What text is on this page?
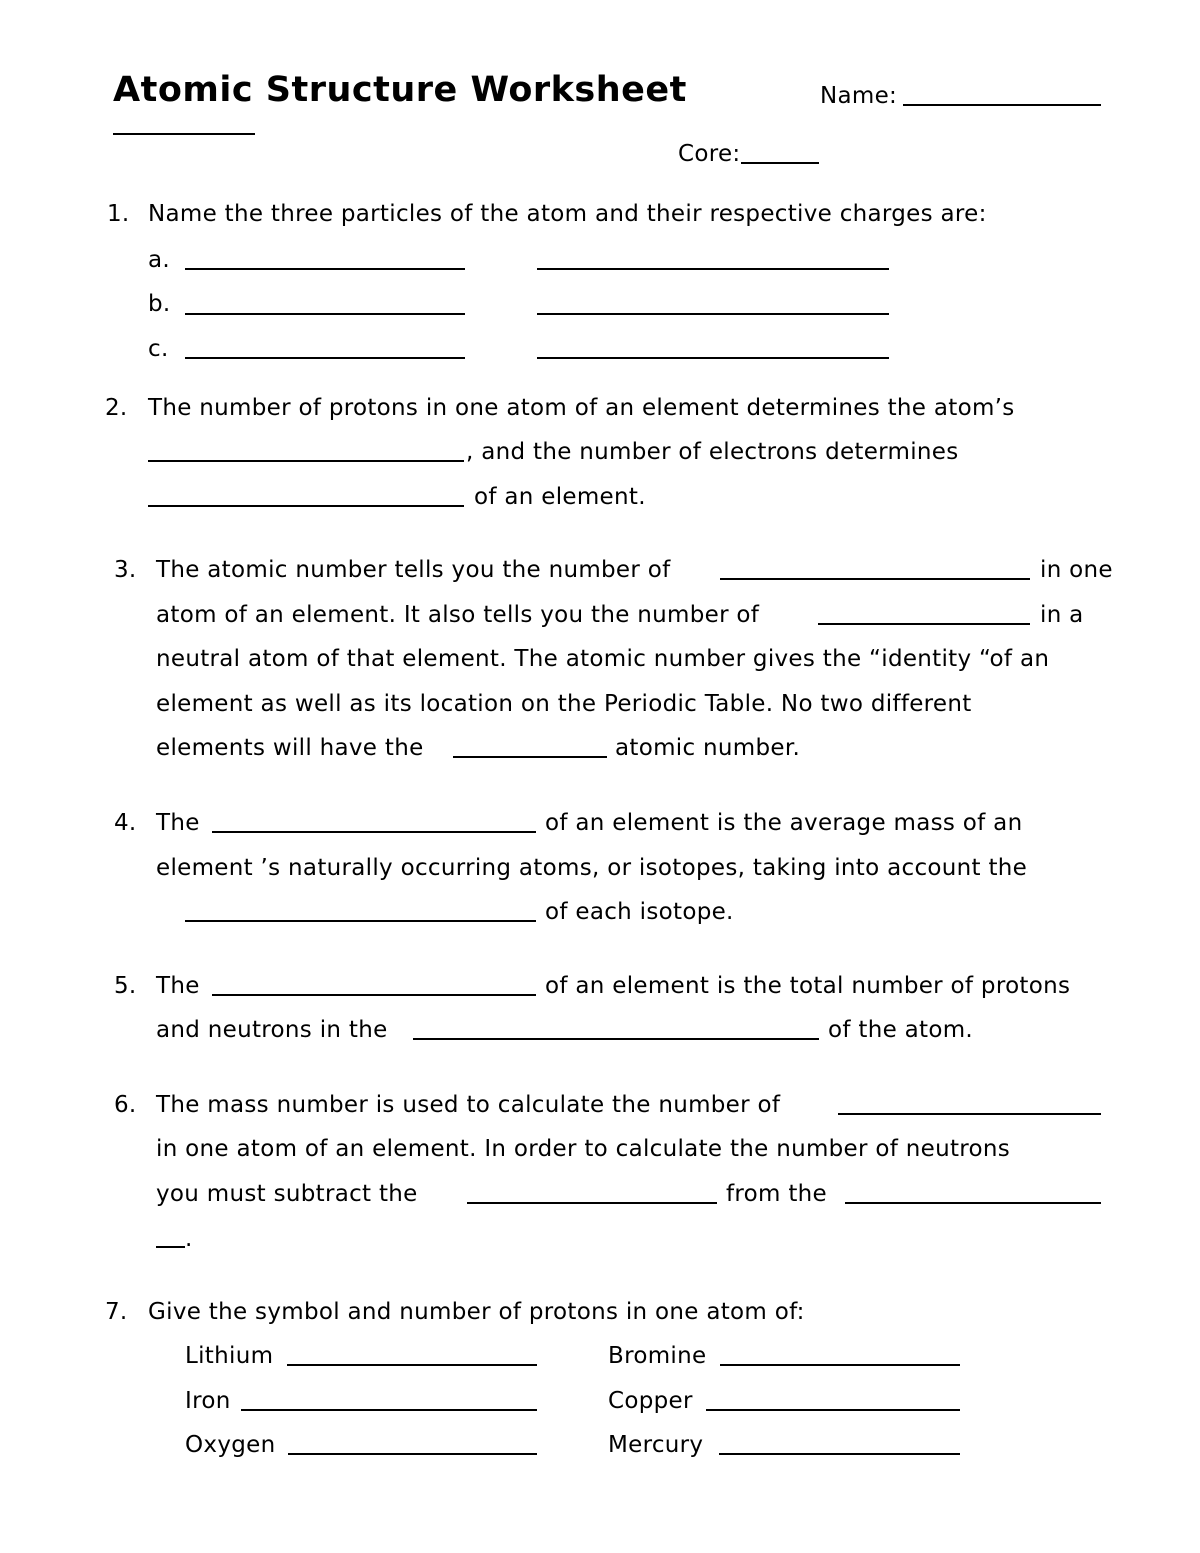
Atomic Structure Worksheet	Name:
Core:
1. Name the three particles of the atom and their respective charges are:
a.
b.
c.
2. The number of protons in one atom of an element determines the atom’s
, and the number of electrons determines
of an element.
3. The atomic number tells you the number of	in one
atom of an element. It also tells you the number of	in a
neutral atom of that element. The atomic number gives the “identity “of an
element as well as its location on the Periodic Table. No two different
elements will have the	atomic number.
4. The	of an element is the average mass of an
element ’s naturally occurring atoms, or isotopes, taking into account the
of each isotope.
5. The	of an element is the total number of protons
and neutrons in the	of the atom.
6. The mass number is used to calculate the number of
in one atom of an element. In order to calculate the number of neutrons
you must subtract the	from the
.
7. Give the symbol and number of protons in one atom of:
Lithium	Bromine
Iron	Copper
Oxygen	Mercury
